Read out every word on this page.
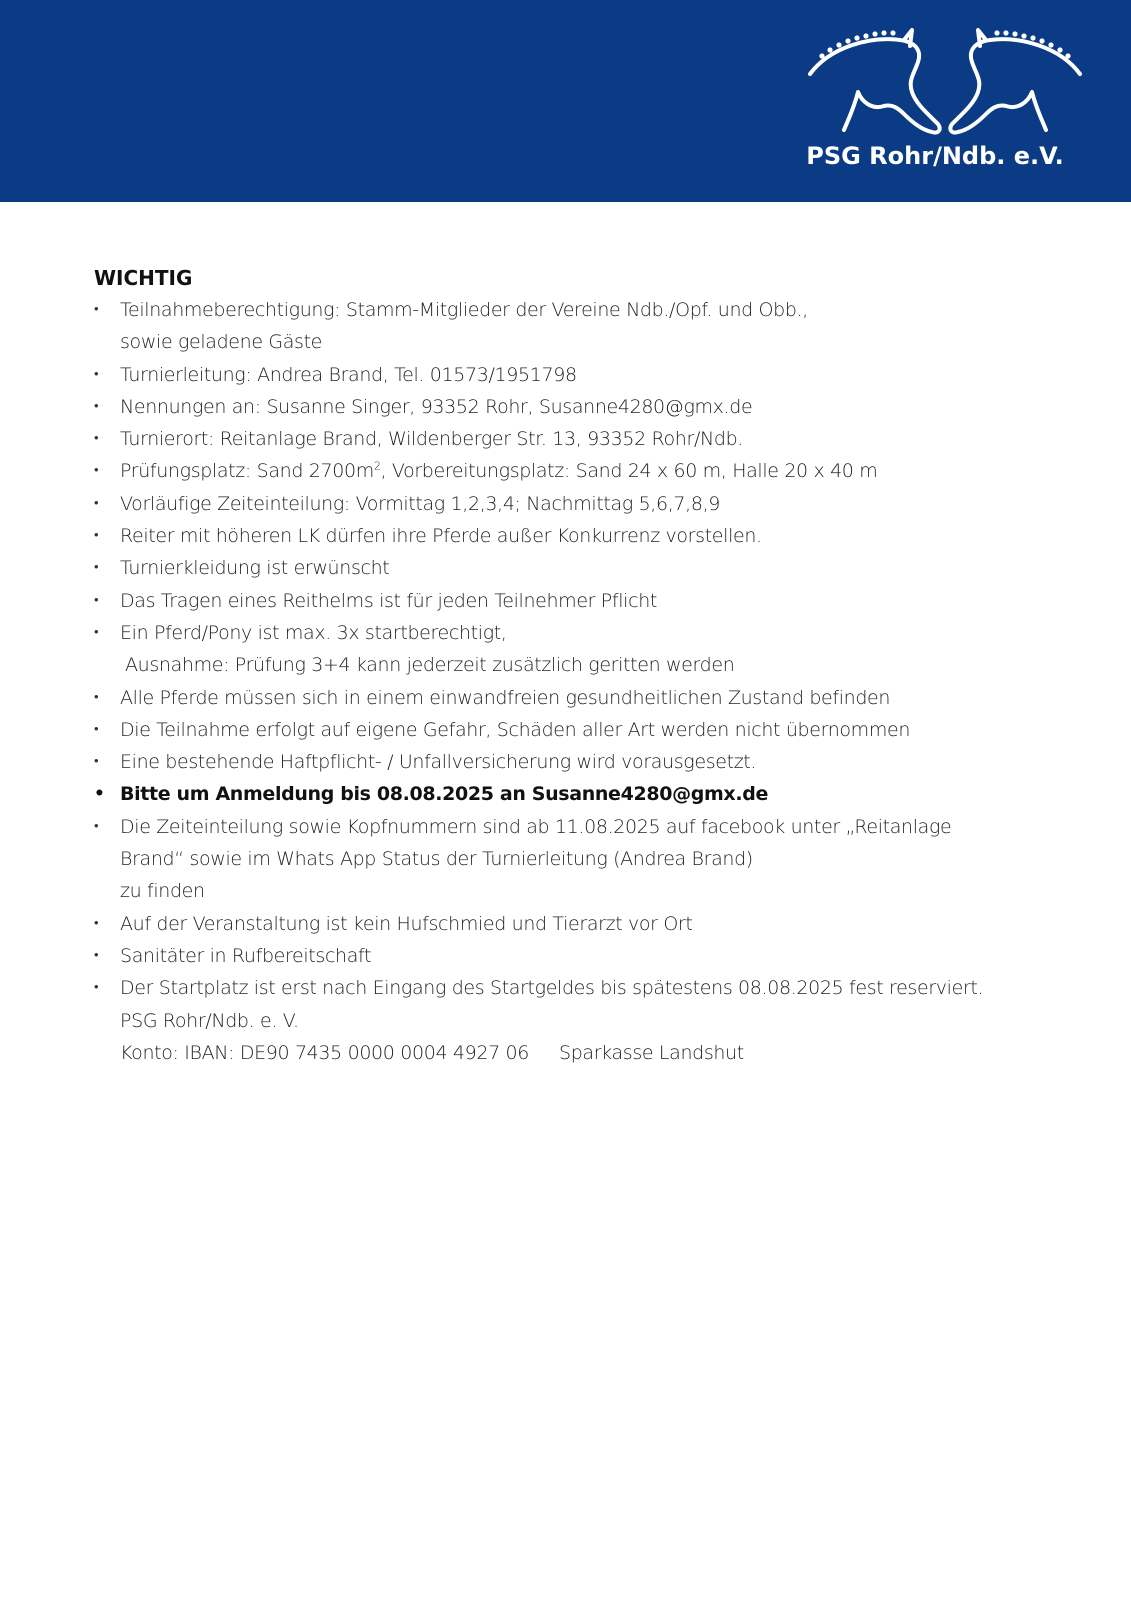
PSG Rohr/Ndb. e.V.
WICHTIG
• Teilnahmeberechtigung: Stamm-Mitglieder der Vereine Ndb./Opf. und Obb.,
sowie geladene Gäste
• Turnierleitung: Andrea Brand, Tel. 01573/1951798
• Nennungen an: Susanne Singer, 93352 Rohr, Susanne4280@gmx.de
• Turnierort: Reitanlage Brand, Wildenberger Str. 13, 93352 Rohr/Ndb.
• Prüfungsplatz: Sand $2700m^2$, Vorbereitungsplatz: Sand 24 x 60 m, Halle 20 x 40 m
• Vorläufige Zeiteinteilung: Vormittag 1,2,3,4; Nachmittag 5,6,7,8,9
• Reiter mit höheren LK dürfen ihre Pferde außer Konkurrenz vorstellen.
• Turnierkleidung ist erwünscht
• Das Tragen eines Reithelms ist für jeden Teilnehmer Pflicht
• Ein Pferd/Pony ist max. 3x startberechtigt,
Ausnahme: Prüfung 3+4 kann jederzeit zusätzlich geritten werden
• Alle Pferde müssen sich in einem einwandfreien gesundheitlichen Zustand befinden
• Die Teilnahme erfolgt auf eigene Gefahr, Schäden aller Art werden nicht übernommen
• Eine bestehende Haftpflicht- / Unfallversicherung wird vorausgesetzt.
• Bitte um Anmeldung bis 08.08.2025 an Susanne4280@gmx.de
• Die Zeiteinteilung sowie Kopfnummern sind ab 11.08.2025 auf facebook unter „Reitanlage
Brand“ sowie im Whats App Status der Turnierleitung (Andrea Brand)
zu finden
• Auf der Veranstaltung ist kein Hufschmied und Tierarzt vor Ort
• Sanitäter in Rufbereitschaft
• Der Startplatz ist erst nach Eingang des Startgeldes bis spätestens 08.08.2025 fest reserviert.
PSG Rohr/Ndb. e. V.
Konto: IBAN: DE90 7435 0000 0004 4927 06 Sparkasse Landshut
